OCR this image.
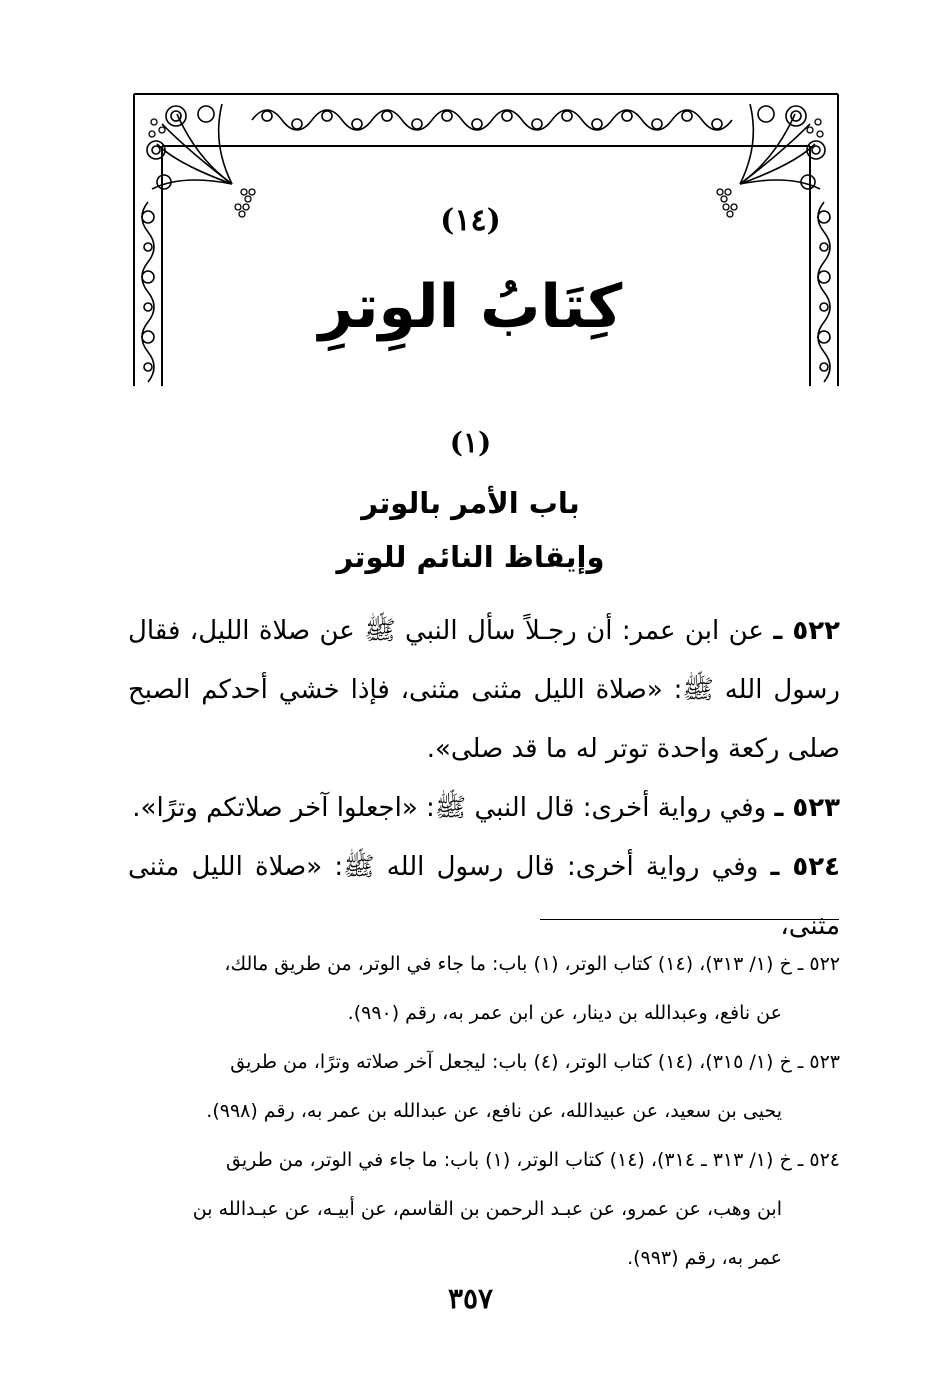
(١٤)
كِتَابُ الوِترِ
(١)
باب الأمر بالوتر
وإيقاظ النائم للوتر

٥٢٢ ـ عن ابن عمر: أن رجـلاً سأل النبي ﷺ عن صلاة الليل، فقال رسول الله ﷺ: «صلاة الليل مثنى مثنى، فإذا خشي أحدكم الصبح صلى ركعة واحدة توتر له ما قد صلى».

٥٢٣ ـ وفي رواية أخرى: قال النبي ﷺ: «اجعلوا آخر صلاتكم وترًا».

٥٢٤ ـ وفي رواية أخرى: قال رسول الله ﷺ: «صلاة الليل مثنى مثنى،

٥٢٢ ـ خ (١/ ٣١٣)، (١٤) كتاب الوتر، (١) باب: ما جاء في الوتر، من طريق مالك،

عن نافع، وعبدالله بن دينار، عن ابن عمر به، رقم (٩٩٠).

٥٢٣ ـ خ (١/ ٣١٥)، (١٤) كتاب الوتر، (٤) باب: ليجعل آخر صلاته وترًا، من طريق

يحيى بن سعيد، عن عبيدالله، عن نافع، عن عبدالله بن عمر به، رقم (٩٩٨).

٥٢٤ ـ خ (١/ ٣١٣ ـ ٣١٤)، (١٤) كتاب الوتر، (١) باب: ما جاء في الوتر، من طريق

ابن وهب، عن عمرو، عن عبـد الرحمن بن القاسم، عن أبيـه، عن عبـدالله بن

عمر به، رقم (٩٩٣).

٣٥٧
